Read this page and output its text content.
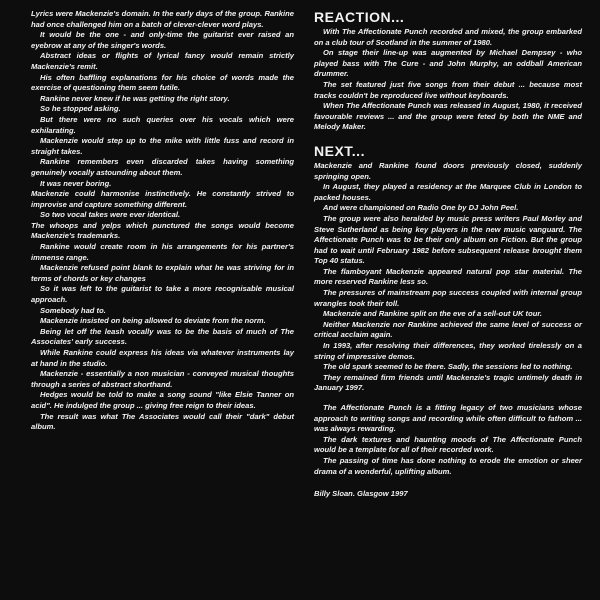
Lyrics were Mackenzie's domain. In the early days of the group. Rankine had once challenged him on a batch of clever-clever word plays.

It would be the one - and only-time the guitarist ever raised an eyebrow at any of the singer's words.

Abstract ideas or flights of lyrical fancy would remain strictly Mackenzie's remit.

His often baffling explanations for his choice of words made the exercise of questioning them seem futile.

Rankine never knew if he was getting the right story.

So he stopped asking.

But there were no such queries over his vocals which were exhilarating.

Mackenzie would step up to the mike with little fuss and record in straight takes.

Rankine remembers even discarded takes having something genuinely vocally astounding about them.

It was never boring.

Mackenzie could harmonise instinctively. He constantly strived to improvise and capture something different.

So two vocal takes were ever identical.

The whoops and yelps which punctured the songs would become Mackenzie's trademarks.

Rankine would create room in his arrangements for his partner's immense range.

Mackenzie refused point blank to explain what he was striving for in terms of chords or key changes

So it was left to the guitarist to take a more recognisable musical approach.

Somebody had to.

Mackenzie insisted on being allowed to deviate from the norm.

Being let off the leash vocally was to be the basis of much of The Associates' early success.

While Rankine could express his ideas via whatever instruments lay at hand in the studio.

Mackenzie - essentially a non musician - conveyed musical thoughts through a series of abstract shorthand.

Hedges would be told to make a song sound "like Elsie Tanner on acid". He indulged the group ... giving free reign to their ideas.

The result was what The Associates would call their "dark" debut album.

REACTION...

With The Affectionate Punch recorded and mixed, the group embarked on a club tour of Scotland in the summer of 1980.

On stage their line-up was augmented by Michael Dempsey - who played bass with The Cure - and John Murphy, an oddball American drummer.

The set featured just five songs from their debut ... because most tracks couldn't be reproduced live without keyboards.

When The Affectionate Punch was released in August, 1980, it received favourable reviews ... and the group were feted by both the NME and Melody Maker.

NEXT...

Mackenzie and Rankine found doors previously closed, suddenly springing open.

In August, they played a residency at the Marquee Club in London to packed houses.

And were championed on Radio One by DJ John Peel.

The group were also heralded by music press writers Paul Morley and Steve Sutherland as being key players in the new music vanguard. The Affectionate Punch was to be their only album on Fiction. But the group had to wait until February 1982 before subsequent release brought them Top 40 status.

The flamboyant Mackenzie appeared natural pop star material. The more reserved Rankine less so.

The pressures of mainstream pop success coupled with internal group wrangles took their toll.

Mackenzie and Rankine split on the eve of a sell-out UK tour.

Neither Mackenzie nor Rankine achieved the same level of success or critical acclaim again.

In 1993, after resolving their differences, they worked tirelessly on a string of impressive demos.

The old spark seemed to be there. Sadly, the sessions led to nothing.

They remained firm friends until Mackenzie's tragic untimely death in January 1997.

The Affectionate Punch is a fitting legacy of two musicians whose approach to writing songs and recording while often difficult to fathom ... was always rewarding.

The dark textures and haunting moods of The Affectionate Punch would be a template for all of their recorded work.

The passing of time has done nothing to erode the emotion or sheer drama of a wonderful, uplifting album.

Billy Sloan. Glasgow 1997
